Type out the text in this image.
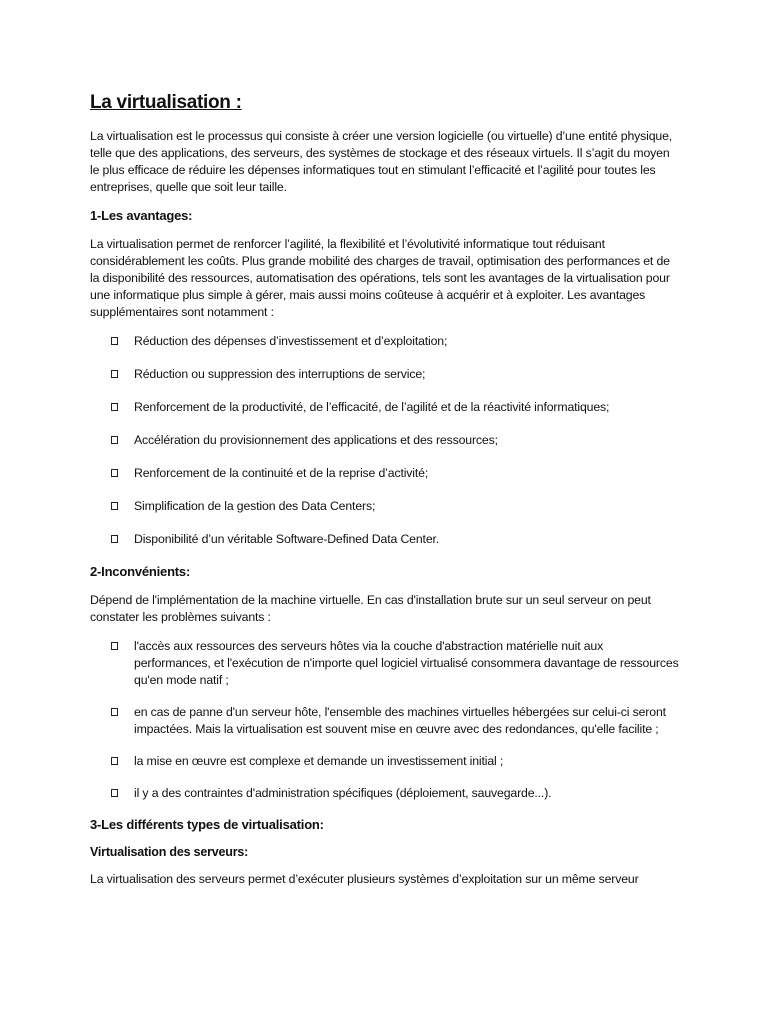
La virtualisation :

La virtualisation est le processus qui consiste à créer une version logicielle (ou virtuelle) d’une entité physique, telle que des applications, des serveurs, des systèmes de stockage et des réseaux virtuels. Il s’agit du moyen le plus efficace de réduire les dépenses informatiques tout en stimulant l’efficacité et l’agilité pour toutes les entreprises, quelle que soit leur taille.

1-Les avantages:

La virtualisation permet de renforcer l’agilité, la flexibilité et l’évolutivité informatique tout réduisant considérablement les coûts. Plus grande mobilité des charges de travail, optimisation des performances et de la disponibilité des ressources, automatisation des opérations, tels sont les avantages de la virtualisation pour une informatique plus simple à gérer, mais aussi moins coûteuse à acquérir et à exploiter. Les avantages supplémentaires sont notamment :

Réduction des dépenses d’investissement et d’exploitation;
Réduction ou suppression des interruptions de service;
Renforcement de la productivité, de l’efficacité, de l’agilité et de la réactivité informatiques;
Accélération du provisionnement des applications et des ressources;
Renforcement de la continuité et de la reprise d’activité;
Simplification de la gestion des Data Centers;
Disponibilité d’un véritable Software-Defined Data Center.
2-Inconvénients:

Dépend de l'implémentation de la machine virtuelle. En cas d'installation brute sur un seul serveur on peut constater les problèmes suivants :

l'accès aux ressources des serveurs hôtes via la couche d'abstraction matérielle nuit aux performances, et l'exécution de n'importe quel logiciel virtualisé consommera davantage de ressources qu'en mode natif ;
en cas de panne d'un serveur hôte, l'ensemble des machines virtuelles hébergées sur celui-ci seront impactées. Mais la virtualisation est souvent mise en œuvre avec des redondances, qu'elle facilite ;
la mise en œuvre est complexe et demande un investissement initial ;
il y a des contraintes d'administration spécifiques (déploiement, sauvegarde...).
3-Les différents types de virtualisation:
Virtualisation des serveurs:

La virtualisation des serveurs permet d’exécuter plusieurs systèmes d’exploitation sur un même serveur
